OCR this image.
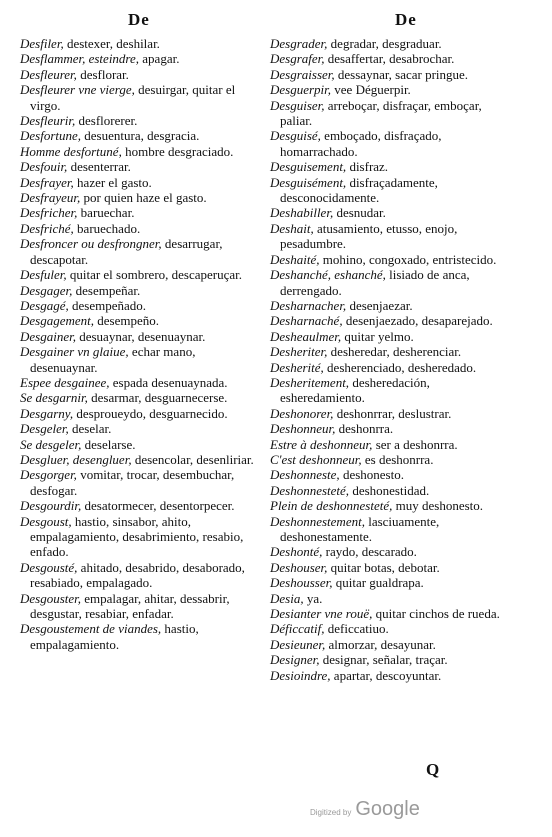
De	De
Desfiler, destexer, deshilar.
Desflammer, esteindre, apagar.
Desfleurer, desflorar.
Desfleurer vne vierge, desuirgar, quitar el virgo.
Desfleurir, desflorerer.
Desfortune, desuentura, desgracia.
Homme desfortuné, hombre desgraciado.
Desfouir, desenterrar.
Desfrayer, hazer el gasto.
Desfrayeur, por quien haze el gasto.
Desfricher, baruechar.
Desfriché, baruechado.
Desfroncer ou desfrongner, desarrugar, descapotar.
Desfuler, quitar el sombrero, descaperuçar.
Desgager, desempeñar.
Desgagé, desempeñado.
Desgagement, desempeño.
Desgainer, desuaynar, desenuaynar.
Desgainer vn glaiue, echar mano, desenuaynar.
Espee desgainee, espada desenuaynada.
Se desgarnir, desarmar, desguarnecerse.
Desgarny, desproueydo, desguarnecido.
Desgeler, deselar.
Se desgeler, deselarse.
Desgluer, desengluer, desencolar, desenliriar.
Desgorger, vomitar, trocar, desembuchar, desfogar.
Desgourdir, desatormecer, desentorpecer.
Desgoust, hastio, sinsabor, ahito, empalagamiento, desabrimiento, resabio, enfado.
Desgousté, ahitado, desabrido, desaborado, resabiado, empalagado.
Desgouster, empalagar, ahitar, dessabrir, desgustar, resabiar, enfadar.
Desgoustement de viandes, hastio, empalagamiento.
Desgrader, degradar, desgraduar.
Desgrafer, desaffertar, desabrochar.
Desgraisser, dessaynar, sacar pringue.
Desguerpir, vee Déguerpir.
Desguiser, arreboçar, disfraçar, emboçar, paliar.
Desguisé, emboçado, disfraçado, homarrachado.
Desguisement, disfraz.
Desguisément, disfraçadamente, desconocidamente.
Deshabiller, desnudar.
Deshait, atusamiento, etusso, enojo, pesadumbre.
Deshaité, mohino, congoxado, entristecido.
Deshanché, eshanché, lisiado de anca, derrengado.
Desharnacher, desenjaezar.
Desharnaché, desenjaezado, desaparejado.
Desheaulmer, quitar yelmo.
Desheriter, desheredar, desherenciar.
Desherité, desherenciado, desheredado.
Desheritement, desheredación, esheredamiento.
Deshonorer, deshonrrar, deslustrar.
Deshonneur, deshonrra.
Estre à deshonneur, ser a deshonrra.
C'est deshonneur, es deshonrra.
Deshonneste, deshonesto.
Deshonnesteté, deshonestidad.
Plein de deshonnesteté, muy deshonesto.
Deshonnestement, lasciuamente, deshonestamente.
Deshonté, raydo, descarado.
Deshouser, quitar botas, debotar.
Deshousser, quitar gualdrapa.
Desia, ya.
Desianter vne rouë, quitar cinchos de rueda.
Déficcatif, deficcatiuo.
Desieuner, almorzar, desayunar.
Designer, designar, señalar, traçar.
Desioindre, apartar, descoyuntar.
Q
Digitized by Google
